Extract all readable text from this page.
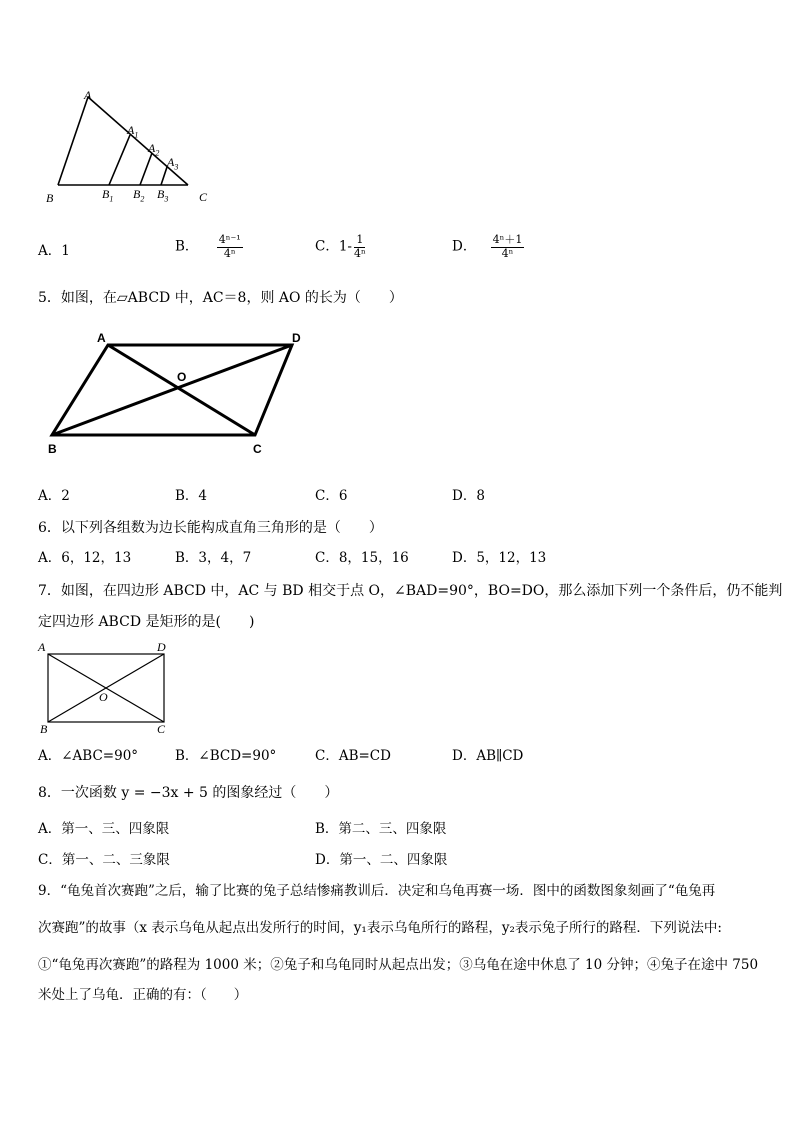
A
$A_1$
$A_2$
$A_3$
B	$B_1$ $B_2$ $B_3$	C
A．1	B． $\frac{\text{4ⁿ⁻¹}}{\text{4ⁿ}}$	C．$1- \frac{1}{\text{4ⁿ}}$	D． $\frac{\text{4ⁿ＋1}}{\text{4ⁿ}}$
5．如图，在▱ABCD 中，AC＝8，则 AO 的长为（　　）
A	D
O
B	C
A．2	B．4	C．6	D．8
6．以下列各组数为边长能构成直角三角形的是（　　）
A．6，12，13	B．3，4，7	C．8，15，16	D．5，12，13
7．如图，在四边形 ABCD 中，AC 与 BD 相交于点 O，∠BAD=90°，BO=DO，那么添加下列一个条件后，仍不能判
定四边形 ABCD 是矩形的是(　　)
A	D
O
B	C
A．∠ABC=90°	B．∠BCD=90°	C．AB=CD	D．AB∥CD
8．一次函数 y = −3x + 5 的图象经过（　　）
A．第一、三、四象限	B．第二、三、四象限
C．第一、二、三象限	D．第一、二、四象限
9．“龟兔首次赛跑”之后，输了比赛的兔子总结惨痛教训后．决定和乌龟再赛一场．图中的函数图象刻画了“龟兔再
次赛跑”的故事（x 表示乌龟从起点出发所行的时间，y₁表示乌龟所行的路程，y₂表示兔子所行的路程．下列说法中:
①“龟兔再次赛跑”的路程为 1000 米；②兔子和乌龟同时从起点出发；③乌龟在途中休息了 10 分钟；④兔子在途中 750
米处上了乌龟．正确的有：（　　）
